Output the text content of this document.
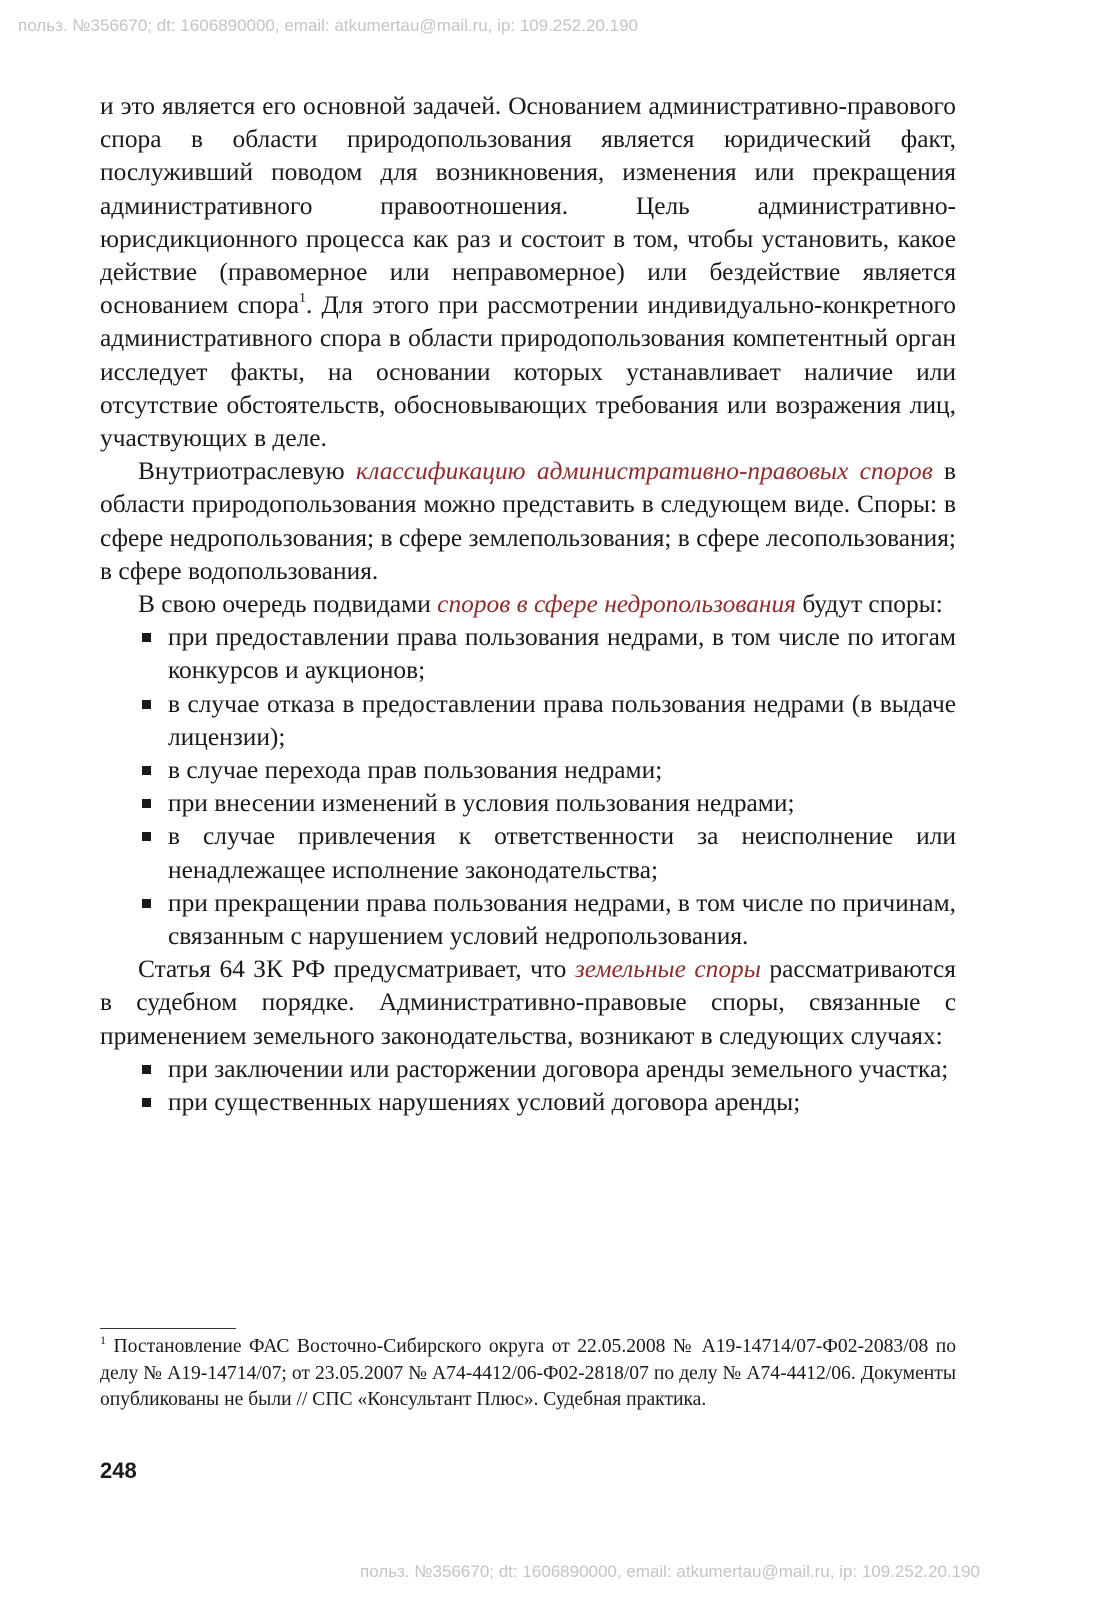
польз. №356670; dt: 1606890000, email: atkumertau@mail.ru, ip: 109.252.20.190

и это является его основной задачей. Основанием административно-правового спора в области природопользования является юридический факт, послуживший поводом для возникновения, изменения или прекращения административного правоотношения. Цель административно-юрисдикционного процесса как раз и состоит в том, чтобы установить, какое действие (правомерное или неправомерное) или бездействие является основанием спора$^1$. Для этого при рассмотрении индивидуально-конкретного административного спора в области природопользования компетентный орган исследует факты, на основании которых устанавливает наличие или отсутствие обстоятельств, обосновывающих требования или возражения лиц, участвующих в деле.

Внутриотраслевую классификацию административно-правовых споров в области природопользования можно представить в следующем виде. Споры: в сфере недропользования; в сфере землепользования; в сфере лесопользования; в сфере водопользования.

В свою очередь подвидами споров в сфере недропользования будут споры:

при предоставлении права пользования недрами, в том числе по итогам конкурсов и аукционов;
в случае отказа в предоставлении права пользования недрами (в выдаче лицензии);
в случае перехода прав пользования недрами;
при внесении изменений в условия пользования недрами;
в случае привлечения к ответственности за неисполнение или ненадлежащее исполнение законодательства;
при прекращении права пользования недрами, в том числе по причинам, связанным с нарушением условий недропользования.

Статья 64 ЗК РФ предусматривает, что земельные споры рассматриваются в судебном порядке. Административно-правовые споры, связанные с применением земельного законодательства, возникают в следующих случаях:

при заключении или расторжении договора аренды земельного участка;
при существенных нарушениях условий договора аренды;
$^1$ Постановление ФАС Восточно-Сибирского округа от 22.05.2008 № А19-14714/07-Ф02-2083/08 по делу № А19-14714/07; от 23.05.2007 № А74-4412/06-Ф02-2818/07 по делу № А74-4412/06. Документы опубликованы не были // СПС «Консультант Плюс». Судебная практика.
248
польз. №356670; dt: 1606890000, email: atkumertau@mail.ru, ip: 109.252.20.190
